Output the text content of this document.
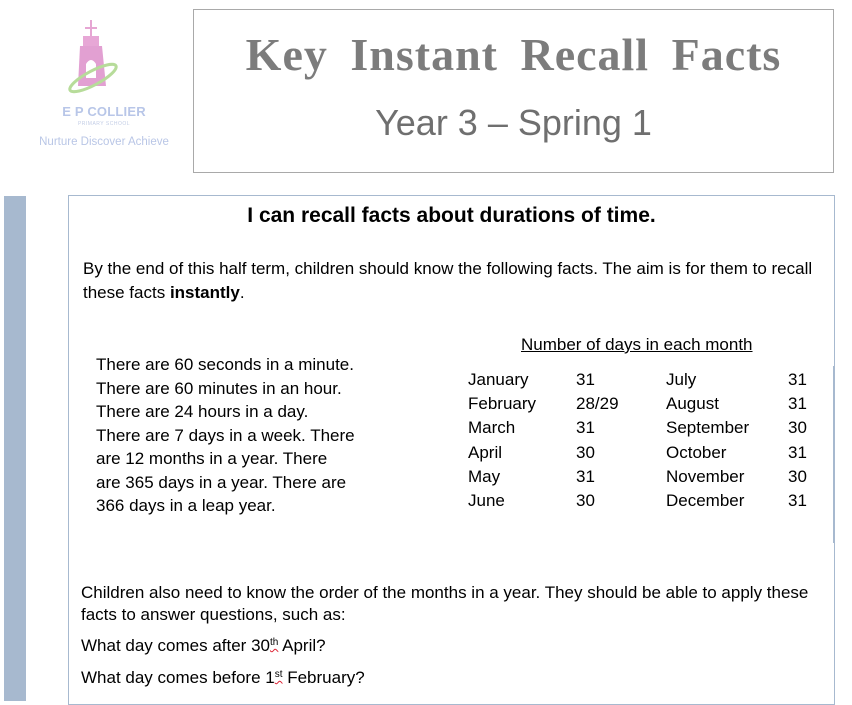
E P COLLIER
PRIMARY SCHOOL
Nurture Discover Achieve
Key Instant Recall Facts
Year 3 – Spring 1
I can recall facts about durations of time.
By the end of this half term, children should know the following facts. The aim is for them to recall these facts instantly.
There are 60 seconds in a minute.
There are 60 minutes in an hour.
There are 24 hours in a day.
There are 7 days in a week. There
are 12 months in a year. There
are 365 days in a year. There are
366 days in a leap year.
Number of days in each month
January	31	July	31
February	28/29	August	31
March	31	September	30
April	30	October	31
May	31	November	30
June	30	December	31
Children also need to know the order of the months in a year. They should be able to apply these facts to answer questions, such as:
What day comes after 30th April?
What day comes before 1st February?
